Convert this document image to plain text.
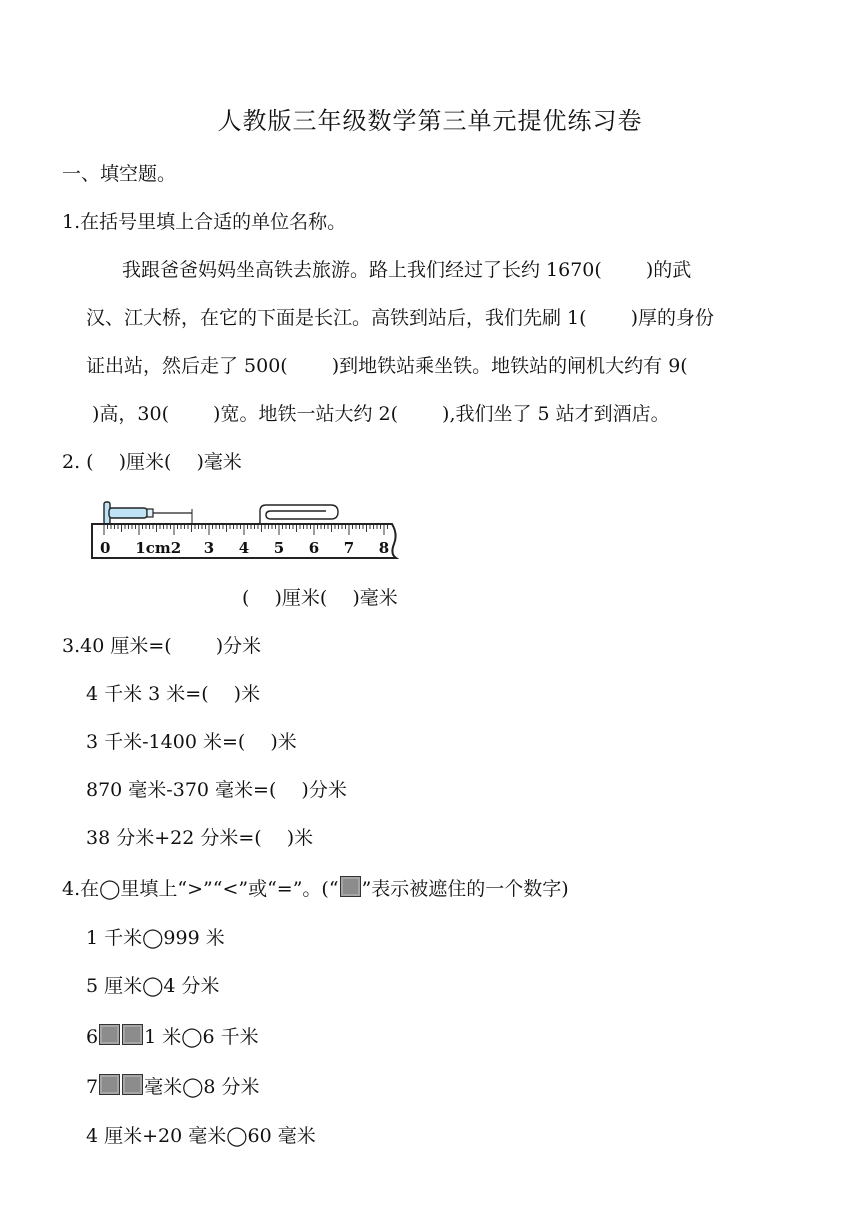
人教版三年级数学第三单元提优练习卷
一、填空题。
1.在括号里填上合适的单位名称。
我跟爸爸妈妈坐高铁去旅游。路上我们经过了长约 1670(　　 )的武
汉、江大桥，在它的下面是长江。高铁到站后，我们先刷 1(　　 )厚的身份
证出站，然后走了 500(　　 )到地铁站乘坐铁。地铁站的闸机大约有 9(
)高，30(　　 )宽。地铁一站大约 2(　　 ),我们坐了 5 站才到酒店。
2. (　 )厘米(　 )毫米
0 1cm2 3 4 5 6 7 8
(　 )厘米(　 )毫米
3.40 厘米=(　 　)分米
4 千米 3 米=(　 )米
3 千米-1400 米=(　 )米
870 毫米-370 毫米=(　 )分米
38 分米+22 分米=(　 )米
4.在◯里填上“>”“<”或“=”。(“ ”表示被遮住的一个数字)
1 千米◯999 米
5 厘米◯4 分米
6 1 米◯6 千米
7 毫米◯8 分米
4 厘米+20 毫米◯60 毫米
